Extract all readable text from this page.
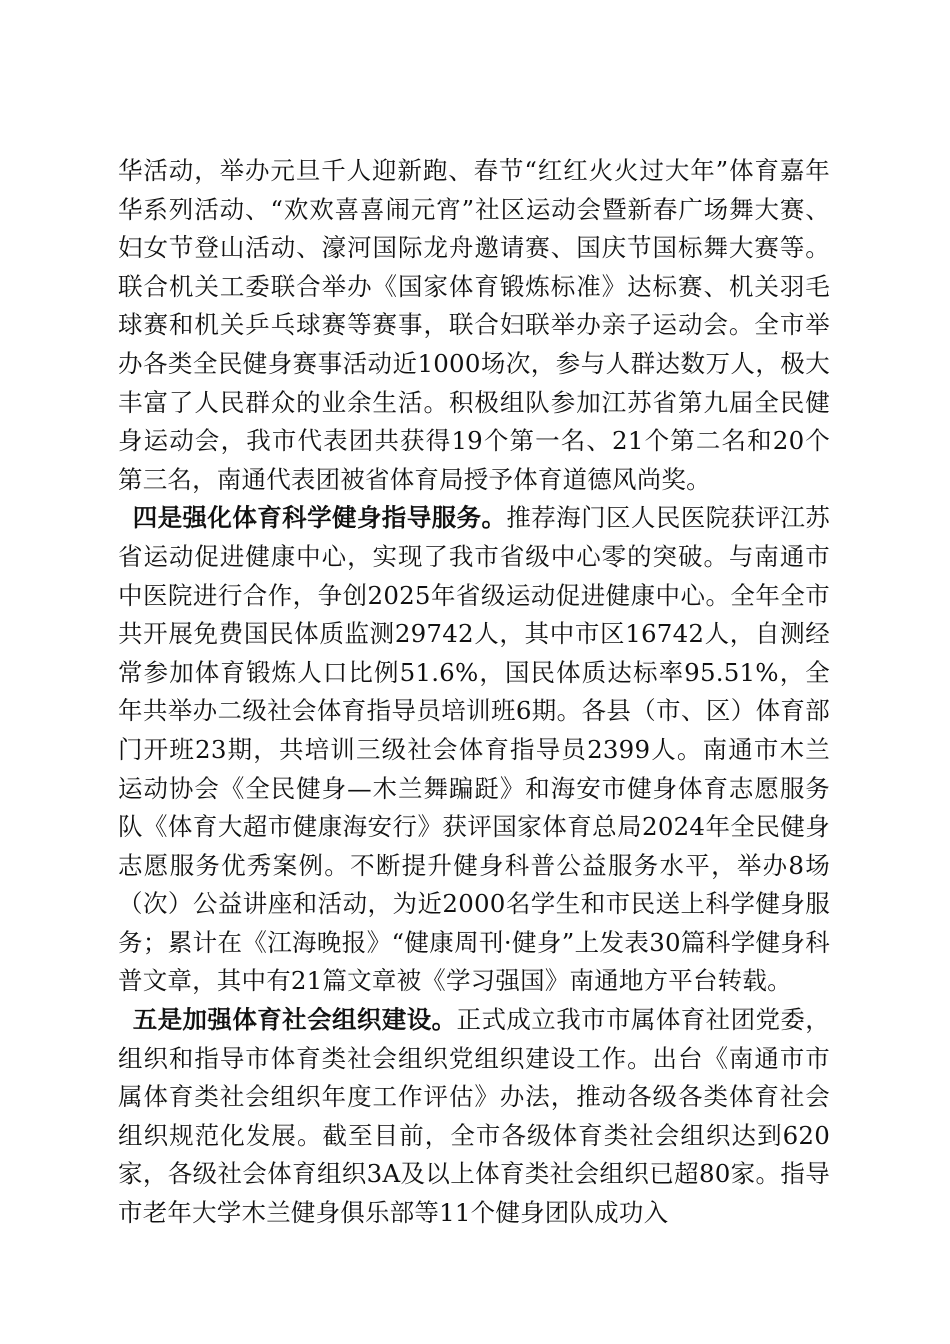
华活动，举办元旦千人迎新跑、春节“红红火火过大年”体育嘉年华系列活动、“欢欢喜喜闹元宵”社区运动会暨新春广场舞大赛、妇女节登山活动、濠河国际龙舟邀请赛、国庆节国标舞大赛等。联合机关工委联合举办《国家体育锻炼标准》达标赛、机关羽毛球赛和机关乒乓球赛等赛事，联合妇联举办亲子运动会。全市举办各类全民健身赛事活动近1000场次，参与人群达数万人，极大丰富了人民群众的业余生活。积极组队参加江苏省第九届全民健身运动会，我市代表团共获得19个第一名、21个第二名和20个第三名，南通代表团被省体育局授予体育道德风尚奖。

四是强化体育科学健身指导服务。推荐海门区人民医院获评江苏省运动促进健康中心，实现了我市省级中心零的突破。与南通市中医院进行合作，争创2025年省级运动促进健康中心。全年全市共开展免费国民体质监测29742人，其中市区16742人，自测经常参加体育锻炼人口比例51.6%，国民体质达标率95.51%，全年共举办二级社会体育指导员培训班6期。各县（市、区）体育部门开班23期，共培训三级社会体育指导员2399人。南通市木兰运动协会《全民健身—木兰舞蹁跹》和海安市健身体育志愿服务队《体育大超市健康海安行》获评国家体育总局2024年全民健身志愿服务优秀案例。不断提升健身科普公益服务水平，举办8场（次）公益讲座和活动，为近2000名学生和市民送上科学健身服务；累计在《江海晚报》“健康周刊·健身”上发表30篇科学健身科普文章，其中有21篇文章被《学习强国》南通地方平台转载。

五是加强体育社会组织建设。正式成立我市市属体育社团党委，组织和指导市体育类社会组织党组织建设工作。出台《南通市市属体育类社会组织年度工作评估》办法，推动各级各类体育社会组织规范化发展。截至目前，全市各级体育类社会组织达到620家，各级社会体育组织3A及以上体育类社会组织已超80家。指导市老年大学木兰健身俱乐部等11个健身团队成功入
